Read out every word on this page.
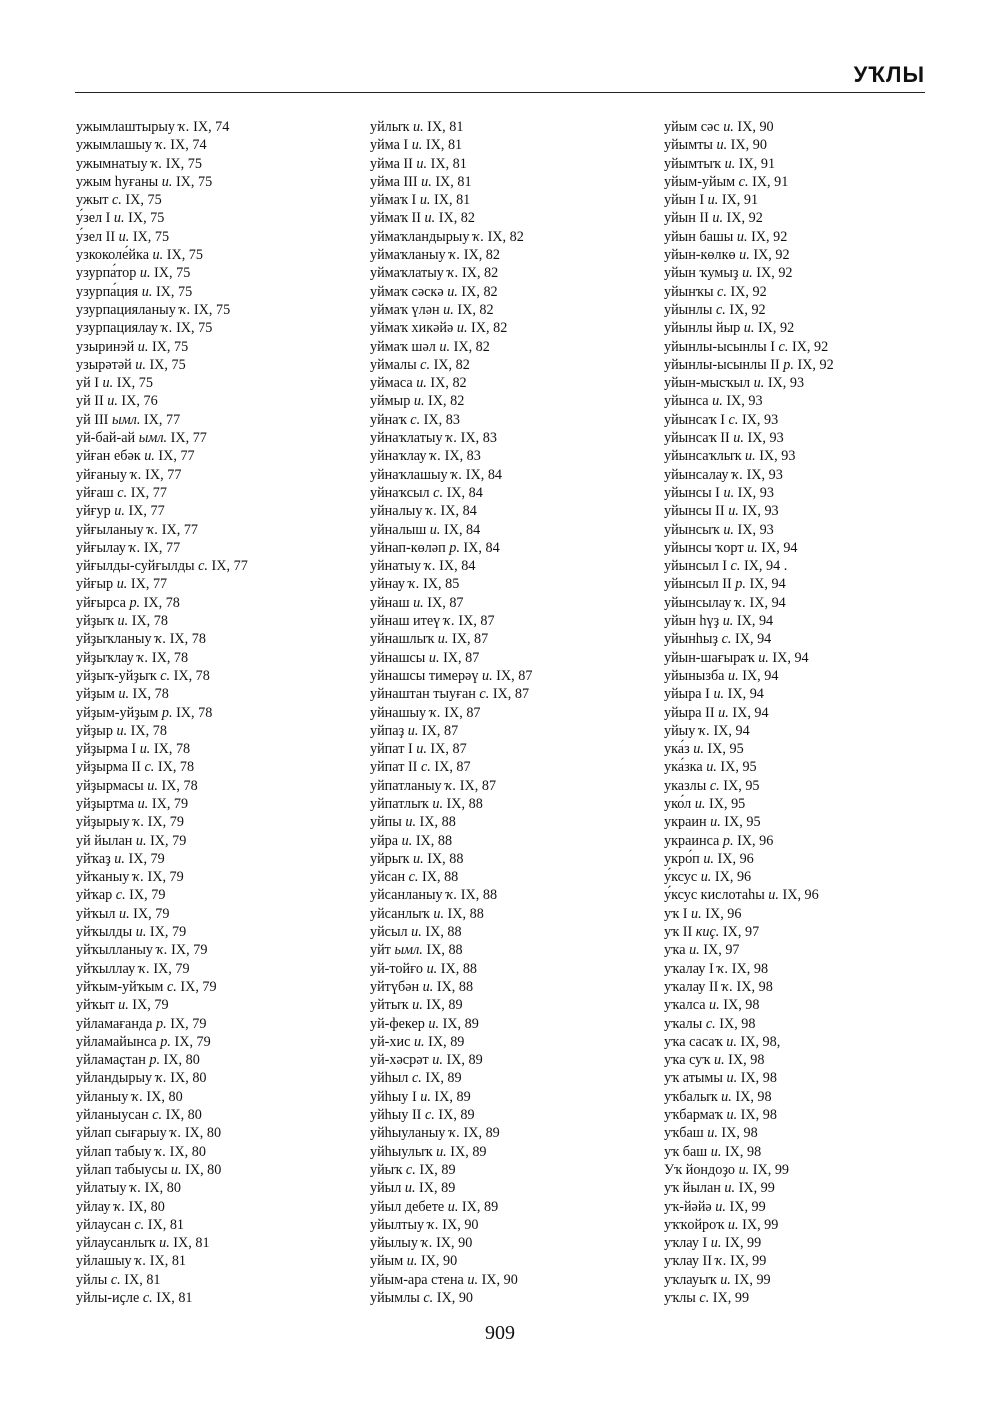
УҠЛЫ
ужымлаштырыу ҡ. IX, 74
ужымлашыу ҡ. IX, 74
ужымнатыу ҡ. IX, 75
ужым һуғаны и. IX, 75
ужыт с. IX, 75
у́зел I и. IX, 75
у́зел II и. IX, 75
узкоколе́йка и. IX, 75
узурпа́тор и. IX, 75
узурпа́ция и. IX, 75
узурпацияланыу ҡ. IX, 75
узурпациялау ҡ. IX, 75
узыринэй и. IX, 75
узырәтәй и. IX, 75
уй I и. IX, 75
уй II и. IX, 76
уй III ымл. IX, 77
уй-бай-ай ымл. IX, 77
уйған ебәк и. IX, 77
уйғаныу ҡ. IX, 77
уйғаш с. IX, 77
уйғур и. IX, 77
уйғыланыу ҡ. IX, 77
уйғылау ҡ. IX, 77
уйғылды-суйғылды с. IX, 77
уйғыр и. IX, 77
уйғырса р. IX, 78
уйҙыҡ и. IX, 78
уйҙыҡланыу ҡ. IX, 78
уйҙыҡлау ҡ. IX, 78
уйҙыҡ-уйҙыҡ с. IX, 78
уйҙым и. IX, 78
уйҙым-уйҙым р. IX, 78
уйҙыр и. IX, 78
уйҙырма I и. IX, 78
уйҙырма II с. IX, 78
уйҙырмасы и. IX, 78
уйҙыртма и. IX, 79
уйҙырыу ҡ. IX, 79
уй йылан и. IX, 79
уйҡаҙ и. IX, 79
уйҡаныу ҡ. IX, 79
уйҡар с. IX, 79
уйҡыл и. IX, 79
уйҡылды и. IX, 79
уйҡылланыу ҡ. IX, 79
уйҡыллау ҡ. IX, 79
уйҡым-уйҡым с. IX, 79
уйҡыт и. IX, 79
уйламағанда р. IX, 79
уйламайынса р. IX, 79
уйламаҫтан р. IX, 80
уйландырыу ҡ. IX, 80
уйланыу ҡ. IX, 80
уйланыусан с. IX, 80
уйлап сығарыу ҡ. IX, 80
уйлап табыу ҡ. IX, 80
уйлап табыусы и. IX, 80
уйлатыу ҡ. IX, 80
уйлау ҡ. IX, 80
уйлаусан с. IX, 81
уйлаусанлыҡ и. IX, 81
уйлашыу ҡ. IX, 81
уйлы с. IX, 81
уйлы-иҫле с. IX, 81
уйлыҡ и. IX, 81
уйма I и. IX, 81
уйма II и. IX, 81
уйма III и. IX, 81
уймаҡ I и. IX, 81
уймаҡ II и. IX, 82
уймаҡландырыу ҡ. IX, 82
уймаҡланыу ҡ. IX, 82
уймаҡлатыу ҡ. IX, 82
уймаҡ сәскә и. IX, 82
уймаҡ үлән и. IX, 82
уймаҡ хикәйә и. IX, 82
уймаҡ шәл и. IX, 82
уймалы с. IX, 82
уймаса и. IX, 82
уймыр и. IX, 82
уйнаҡ с. IX, 83
уйнаҡлатыу ҡ. IX, 83
уйнаҡлау ҡ. IX, 83
уйнаҡлашыу ҡ. IX, 84
уйнаҡсыл с. IX, 84
уйналыу ҡ. IX, 84
уйналыш и. IX, 84
уйнап-көләп р. IX, 84
уйнатыу ҡ. IX, 84
уйнау ҡ. IX, 85
уйнаш и. IX, 87
уйнаш итеү ҡ. IX, 87
уйнашлыҡ и. IX, 87
уйнашсы и. IX, 87
уйнашсы тимерәү и. IX, 87
уйнаштан тыуған с. IX, 87
уйнашыу ҡ. IX, 87
уйпаҙ и. IX, 87
уйпат I и. IX, 87
уйпат II с. IX, 87
уйпатланыу ҡ. IX, 87
уйпатлыҡ и. IX, 88
уйпы и. IX, 88
уйра и. IX, 88
уйрыҡ и. IX, 88
уйсан с. IX, 88
уйсанланыу ҡ. IX, 88
уйсанлыҡ и. IX, 88
уйсыл и. IX, 88
уйт ымл. IX, 88
уй-тойғо и. IX, 88
уйтүбән и. IX, 88
уйтыҡ и. IX, 89
уй-фекер и. IX, 89
уй-хис и. IX, 89
уй-хәсрәт и. IX, 89
уйһыл с. IX, 89
уйһыу I и. IX, 89
уйһыу II с. IX, 89
уйһыуланыу ҡ. IX, 89
уйһыулыҡ и. IX, 89
уйыҡ с. IX, 89
уйыл и. IX, 89
уйыл дебете и. IX, 89
уйылтыу ҡ. IX, 90
уйылыу ҡ. IX, 90
уйым и. IX, 90
уйым-ара стена и. IX, 90
уйымлы с. IX, 90
уйым сәс и. IX, 90
уйымты и. IX, 90
уйымтыҡ и. IX, 91
уйым-уйым с. IX, 91
уйын I и. IX, 91
уйын II и. IX, 92
уйын башы и. IX, 92
уйын-көлкө и. IX, 92
уйын ҡумыҙ и. IX, 92
уйынҡы с. IX, 92
уйынлы с. IX, 92
уйынлы йыр и. IX, 92
уйынлы-ысынлы I с. IX, 92
уйынлы-ысынлы II р. IX, 92
уйын-мысҡыл и. IX, 93
уйынса и. IX, 93
уйынсаҡ I с. IX, 93
уйынсаҡ II и. IX, 93
уйынсаҡлыҡ и. IX, 93
уйынсалау ҡ. IX, 93
уйынсы I и. IX, 93
уйынсы II и. IX, 93
уйынсыҡ и. IX, 93
уйынсы ҡорт и. IX, 94
уйынсыл I с. IX, 94 .
уйынсыл II р. IX, 94
уйынсылау ҡ. IX, 94
уйын һүҙ и. IX, 94
уйынһыҙ с. IX, 94
уйын-шағыраҡ и. IX, 94
уйынызба и. IX, 94
уйыра I и. IX, 94
уйыра II и. IX, 94
уйыу ҡ. IX, 94
ука́з и. IX, 95
ука́зка и. IX, 95
указлы с. IX, 95
уко́л и. IX, 95
украин и. IX, 95
украинса р. IX, 96
укро́п и. IX, 96
у́ксус и. IX, 96
у́ксус кислотаһы и. IX, 96
уҡ I и. IX, 96
уҡ II киç. IX, 97
уҡа и. IX, 97
уҡалау I ҡ. IX, 98
уҡалау II ҡ. IX, 98
уҡалса и. IX, 98
уҡалы с. IX, 98
уҡа сасаҡ и. IX, 98,
уҡа суҡ и. IX, 98
уҡ атымы и. IX, 98
уҡбалыҡ и. IX, 98
уҡбармаҡ и. IX, 98
уҡбаш и. IX, 98
уҡ баш и. IX, 98
Уҡ йондоҙо и. IX, 99
уҡ йылан и. IX, 99
уҡ-йәйә и. IX, 99
уҡҡойроҡ и. IX, 99
уҡлау I и. IX, 99
уҡлау II ҡ. IX, 99
уҡлауыҡ и. IX, 99
уҡлы с. IX, 99
909
